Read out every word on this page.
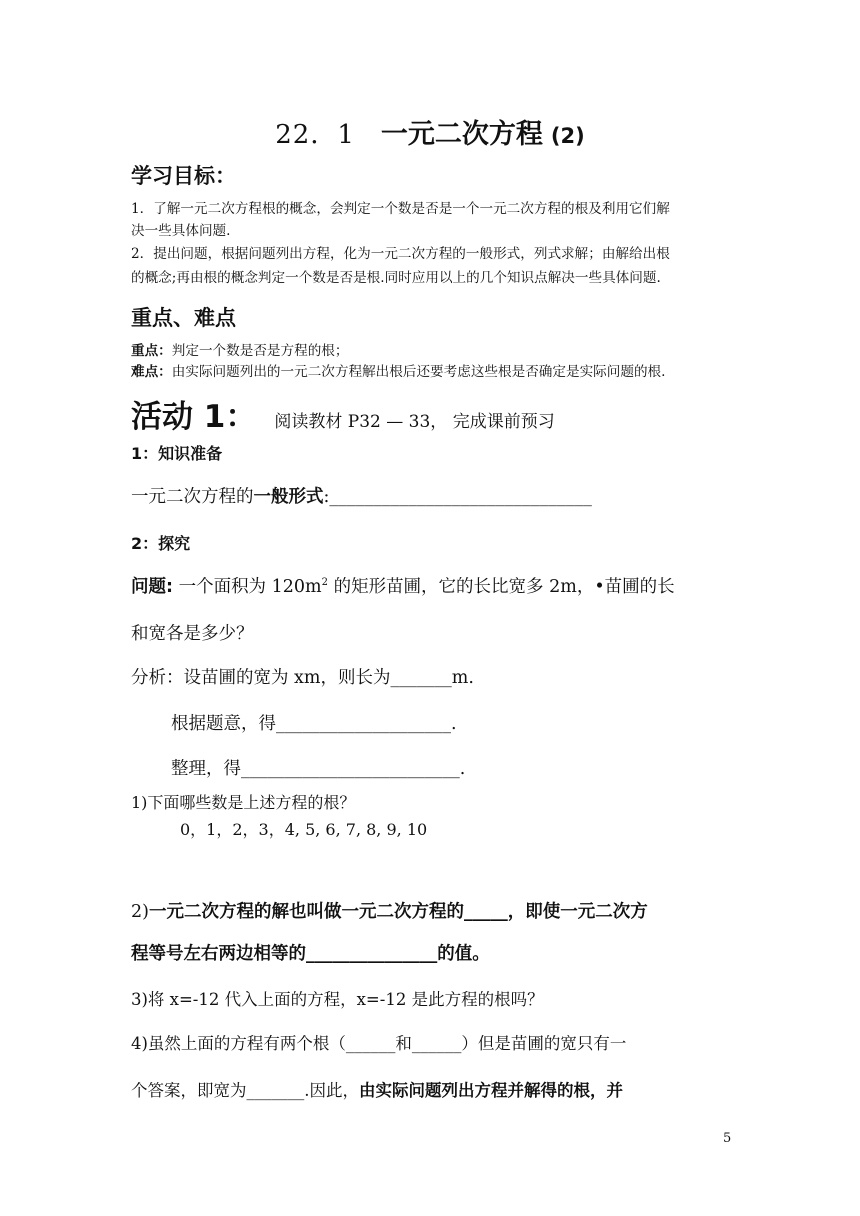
22．1 一元二次方程 (2)
学习目标：
1．了解一元二次方程根的概念，会判定一个数是否是一个一元二次方程的根及利用它们解
决一些具体问题.
2．提出问题，根据问题列出方程，化为一元二次方程的一般形式，列式求解；由解给出根
的概念;再由根的概念判定一个数是否是根.同时应用以上的几个知识点解决一些具体问题.
重点、难点
重点：判定一个数是否是方程的根；
难点：由实际问题列出的一元二次方程解出根后还要考虑这些根是否确定是实际问题的根.
活动 1： 阅读教材 P32 — 33， 完成课前预习
1：知识准备
一元二次方程的一般形式:______________________________
2：探究
问题: 一个面积为 $120m^2$ 的矩形苗圃，它的长比宽多 2m，•苗圃的长
和宽各是多少？
分析：设苗圃的宽为 xm，则长为_______m.
根据题意，得____________________.
整理，得_________________________.
1)下面哪些数是上述方程的根？
0，1，2，3，4, 5, 6, 7, 8, 9, 10
2)一元二次方程的解也叫做一元二次方程的_____，即使一元二次方
程等号左右两边相等的_______________的值。
3)将 x=-12 代入上面的方程，x=-12 是此方程的根吗？
4)虽然上面的方程有两个根（______和______）但是苗圃的宽只有一
个答案，即宽为_______.因此，由实际问题列出方程并解得的根，并
5
